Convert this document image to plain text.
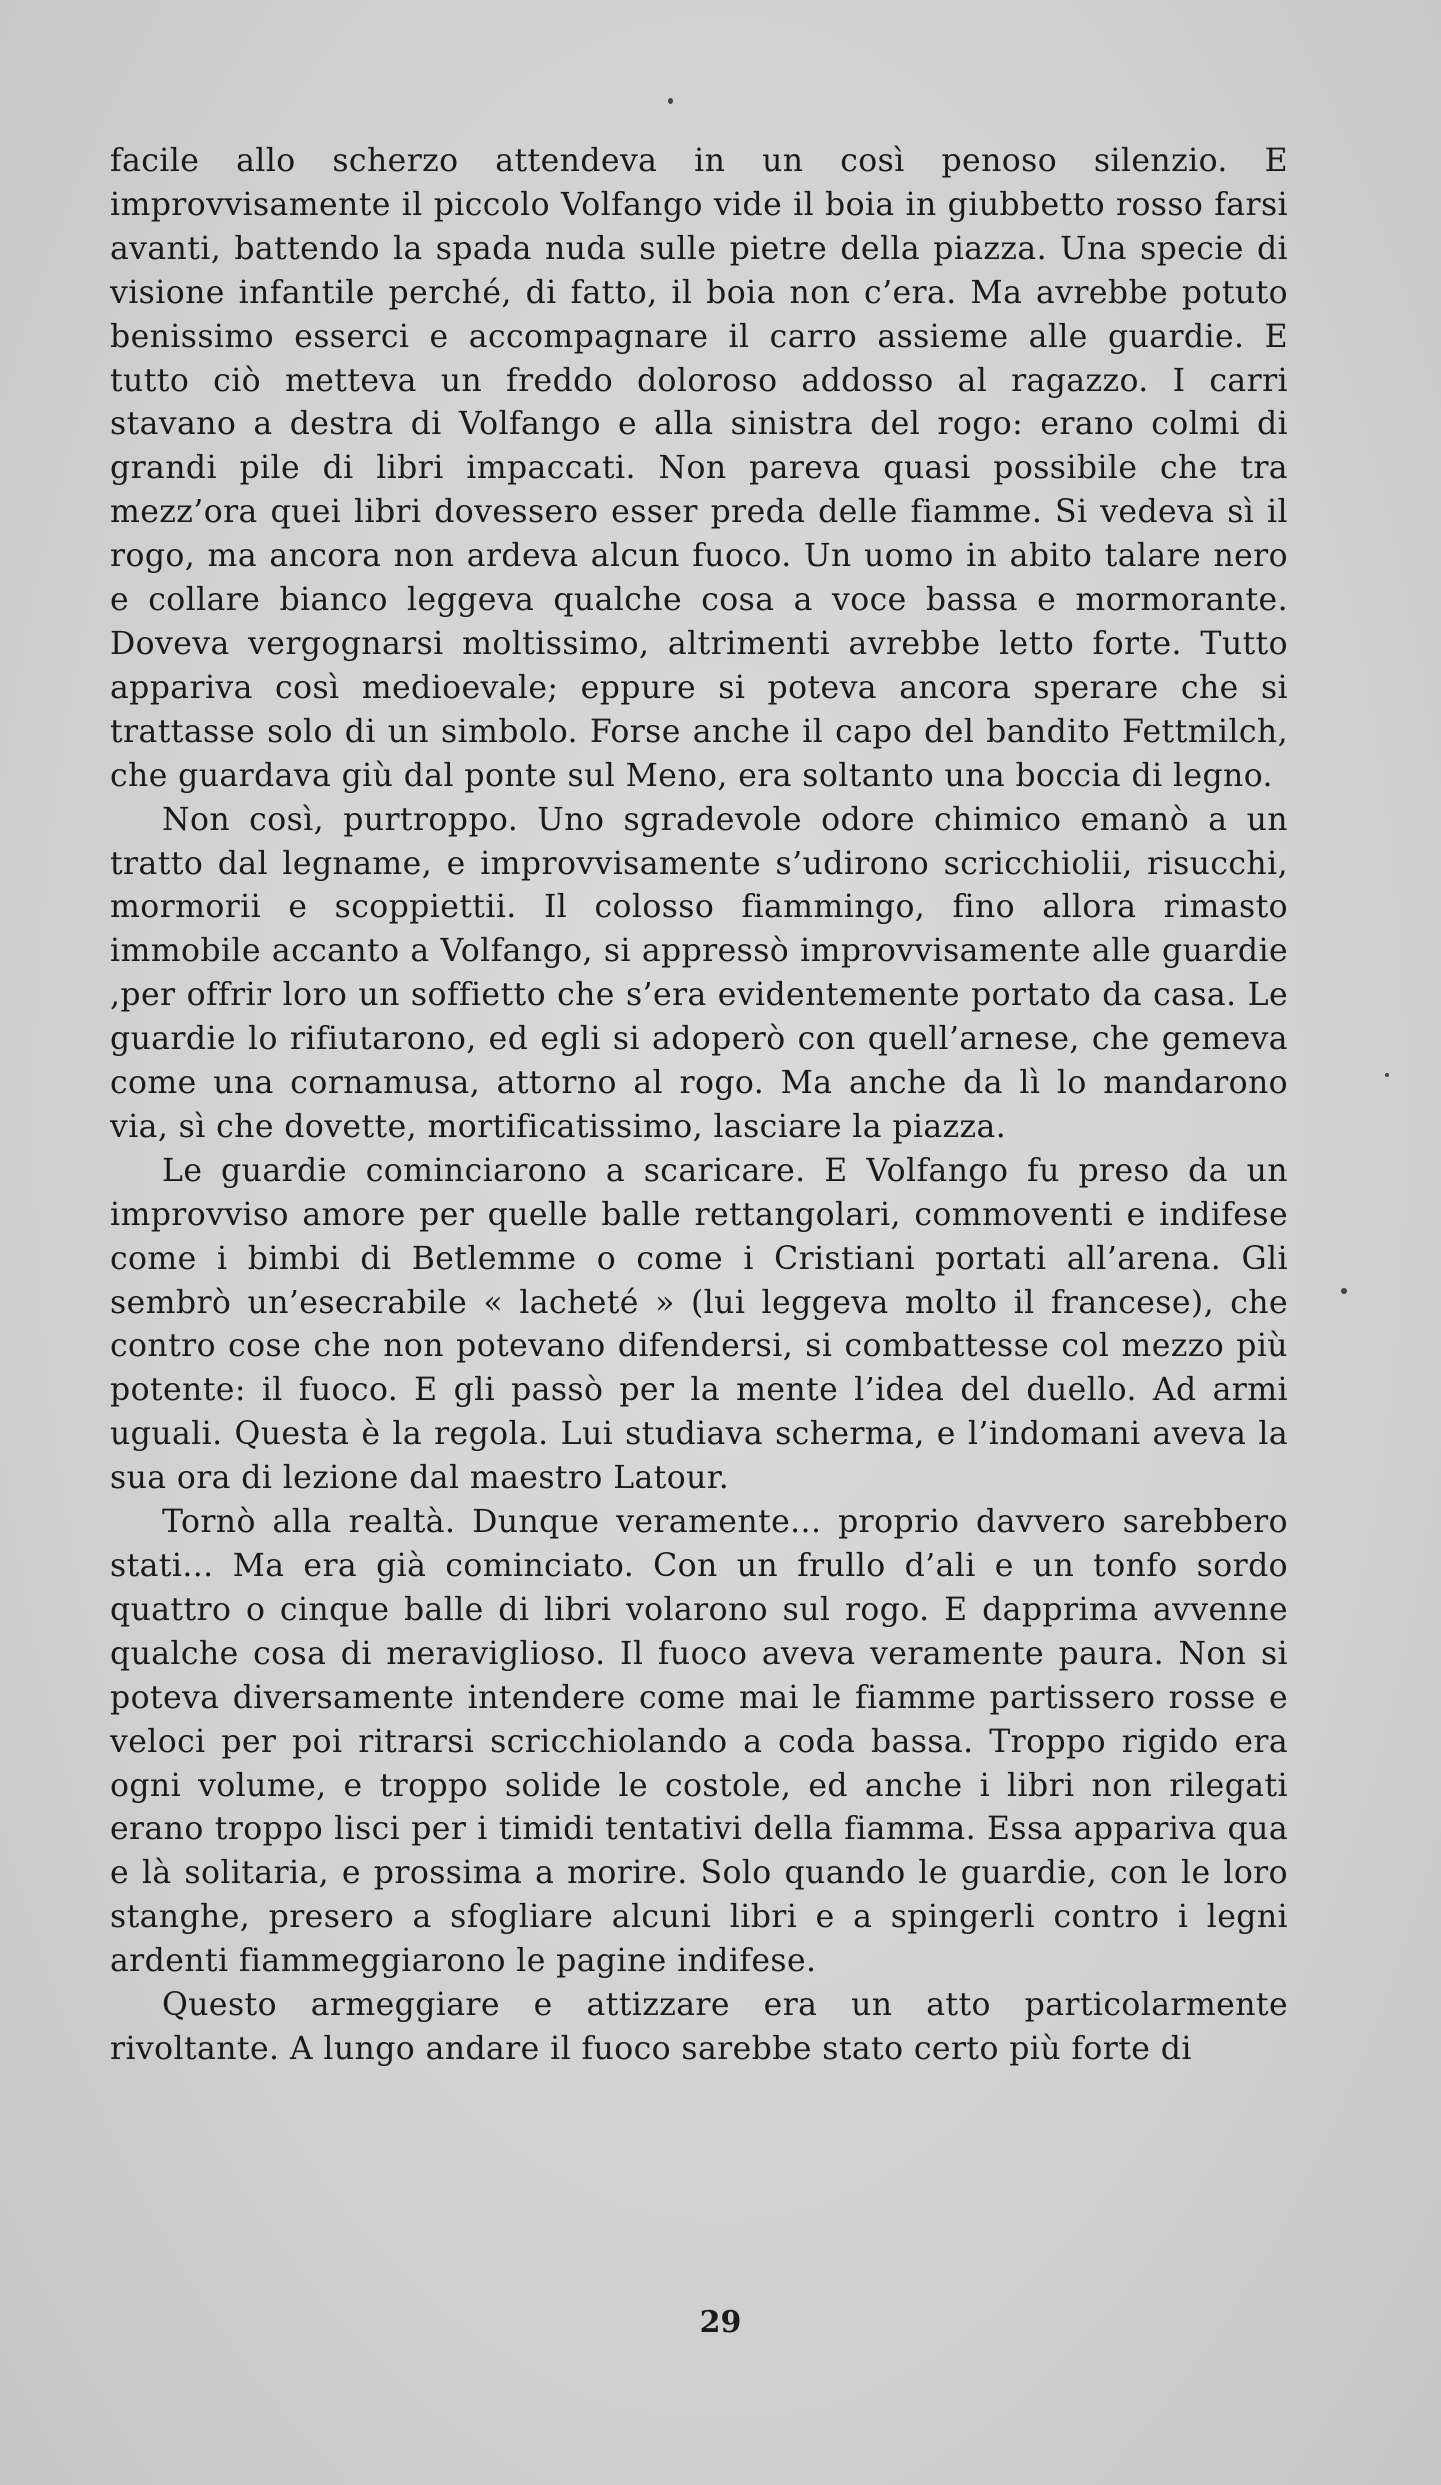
facile allo scherzo attendeva in un così penoso silenzio. E improvvisamente il piccolo Volfango vide il boia in giubbetto rosso farsi avanti, battendo la spada nuda sulle pietre della piazza. Una specie di visione infantile perché, di fatto, il boia non c’era. Ma avrebbe potuto benissimo esserci e accompagnare il carro assieme alle guardie. E tutto ciò metteva un freddo doloroso addosso al ragazzo. I carri stavano a destra di Volfango e alla sinistra del rogo: erano colmi di grandi pile di libri impaccati. Non pareva quasi possibile che tra mezz’ora quei libri dovessero esser preda delle fiamme. Si vedeva sì il rogo, ma ancora non ardeva alcun fuoco. Un uomo in abito talare nero e collare bianco leggeva qualche cosa a voce bassa e mormorante. Doveva vergognarsi moltissimo, altrimenti avrebbe letto forte. Tutto appariva così medioevale; eppure si poteva ancora sperare che si trattasse solo di un simbolo. Forse anche il capo del bandito Fettmilch, che guardava giù dal ponte sul Meno, era soltanto una boccia di legno.

Non così, purtroppo. Uno sgradevole odore chimico emanò a un tratto dal legname, e improvvisamente s’udirono scricchiolii, risucchi, mormorii e scoppiettii. Il colosso fiammingo, fino allora rimasto immobile accanto a Volfango, si appressò improvvisamente alle guardie ,per offrir loro un soffietto che s’era evidentemente portato da casa. Le guardie lo rifiutarono, ed egli si adoperò con quell’arnese, che gemeva come una cornamusa, attorno al rogo. Ma anche da lì lo mandarono via, sì che dovette, mortificatissimo, lasciare la piazza.

Le guardie cominciarono a scaricare. E Volfango fu preso da un improvviso amore per quelle balle rettangolari, commoventi e indifese come i bimbi di Betlemme o come i Cristiani portati all’arena. Gli sembrò un’esecrabile « lacheté » (lui leggeva molto il francese), che contro cose che non potevano difendersi, si combattesse col mezzo più potente: il fuoco. E gli passò per la mente l’idea del duello. Ad armi uguali. Questa è la regola. Lui studiava scherma, e l’indomani aveva la sua ora di lezione dal maestro Latour.

Tornò alla realtà. Dunque veramente... proprio davvero sarebbero stati... Ma era già cominciato. Con un frullo d’ali e un tonfo sordo quattro o cinque balle di libri volarono sul rogo. E dapprima avvenne qualche cosa di meraviglioso. Il fuoco aveva veramente paura. Non si poteva diversamente intendere come mai le fiamme partissero rosse e veloci per poi ritrarsi scricchiolando a coda bassa. Troppo rigido era ogni volume, e troppo solide le costole, ed anche i libri non rilegati erano troppo lisci per i timidi tentativi della fiamma. Essa appariva qua e là solitaria, e prossima a morire. Solo quando le guardie, con le loro stanghe, presero a sfogliare alcuni libri e a spingerli contro i legni ardenti fiammeggiarono le pagine indifese.

Questo armeggiare e attizzare era un atto particolarmente rivoltante. A lungo andare il fuoco sarebbe stato certo più forte di

29
